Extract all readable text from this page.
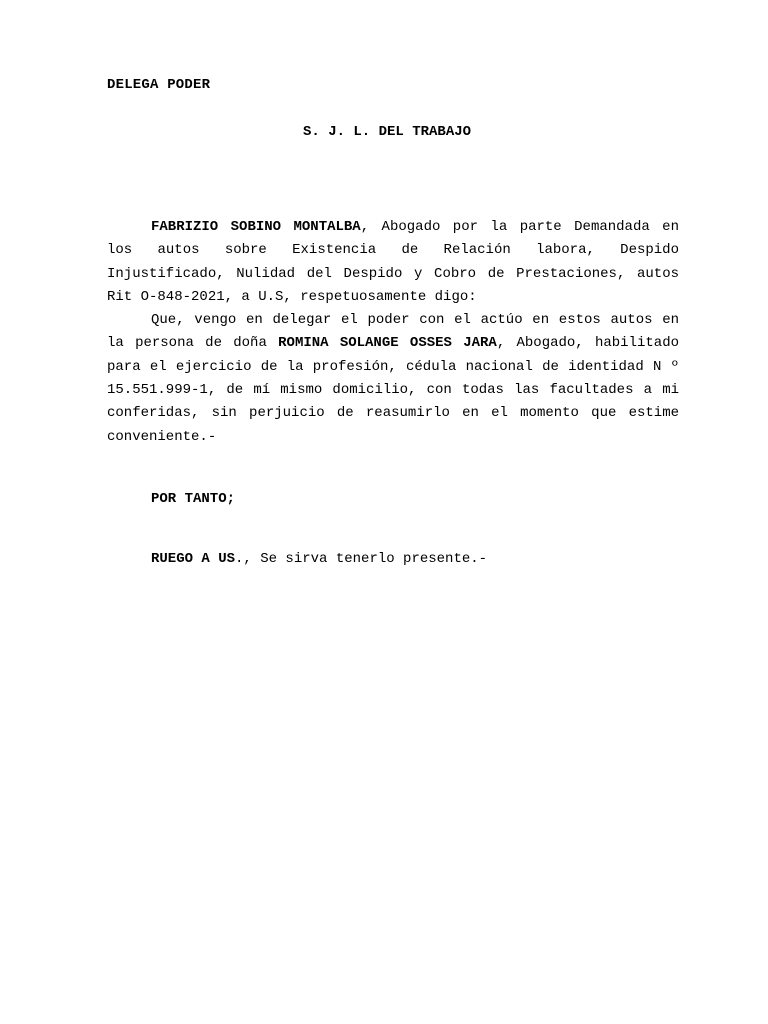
DELEGA PODER
S. J. L. DEL TRABAJO

FABRIZIO SOBINO MONTALBA, Abogado por la parte Demandada en los autos sobre Existencia de Relación labora, Despido Injustificado, Nulidad del Despido y Cobro de Prestaciones, autos Rit O-848-2021, a U.S, respetuosamente digo:

Que, vengo en delegar el poder con el actúo en estos autos en la persona de doña ROMINA SOLANGE OSSES JARA, Abogado, habilitado para el ejercicio de la profesión, cédula nacional de identidad N º 15.551.999-1, de mí mismo domicilio, con todas las facultades a mi conferidas, sin perjuicio de reasumirlo en el momento que estime conveniente.-

POR TANTO;

RUEGO A US., Se sirva tenerlo presente.-
